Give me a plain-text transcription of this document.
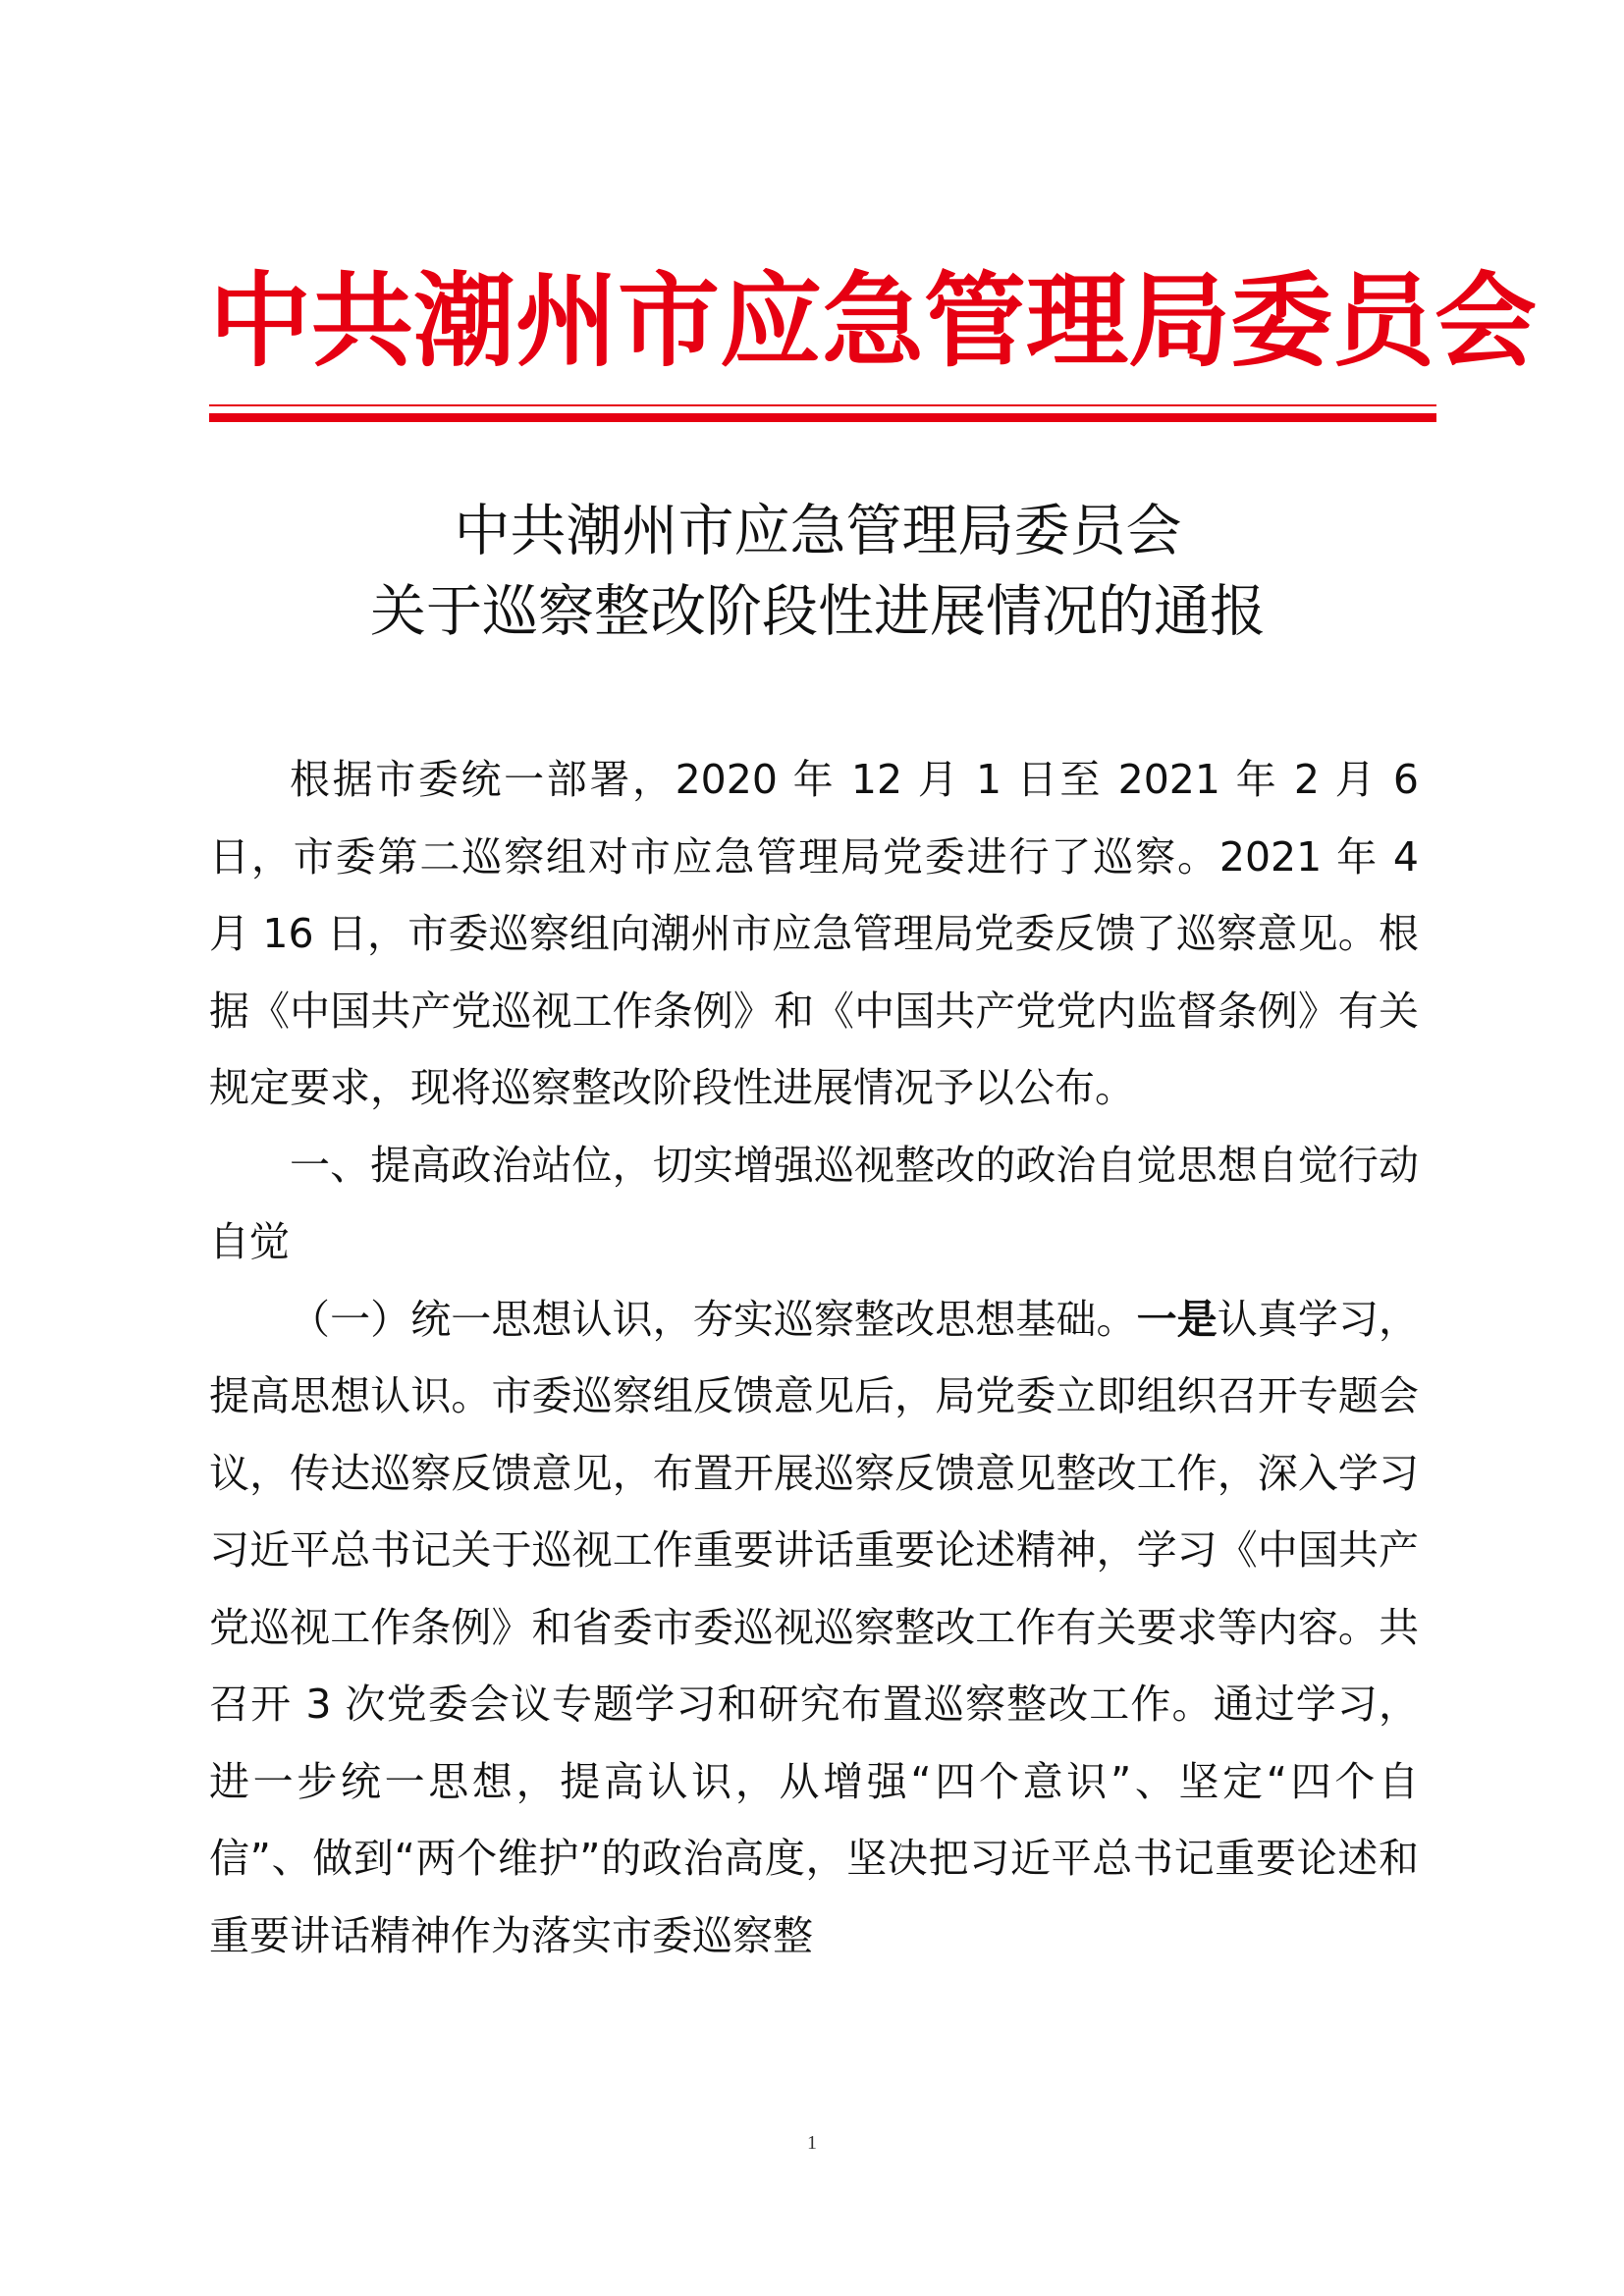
中共潮州市应急管理局委员会
中共潮州市应急管理局委员会
关于巡察整改阶段性进展情况的通报

根据市委统一部署，2020 年 12 月 1 日至 2021 年 2 月 6 日，市委第二巡察组对市应急管理局党委进行了巡察。2021 年 4 月 16 日，市委巡察组向潮州市应急管理局党委反馈了巡察意见。根据《中国共产党巡视工作条例》和《中国共产党党内监督条例》有关规定要求，现将巡察整改阶段性进展情况予以公布。

一、提高政治站位，切实增强巡视整改的政治自觉思想自觉行动自觉

（一）统一思想认识，夯实巡察整改思想基础。一是认真学习，提高思想认识。市委巡察组反馈意见后，局党委立即组织召开专题会议，传达巡察反馈意见，布置开展巡察反馈意见整改工作，深入学习习近平总书记关于巡视工作重要讲话重要论述精神，学习《中国共产党巡视工作条例》和省委市委巡视巡察整改工作有关要求等内容。共召开 3 次党委会议专题学习和研究布置巡察整改工作。通过学习，进一步统一思想，提高认识，从增强“四个意识”、坚定“四个自信”、做到“两个维护”的政治高度，坚决把习近平总书记重要论述和重要讲话精神作为落实市委巡察整

1
